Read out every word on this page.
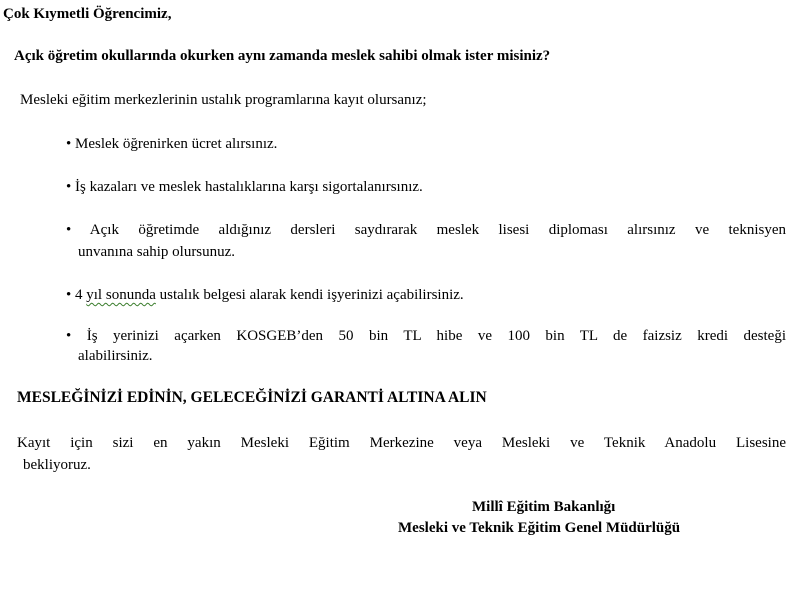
Çok Kıymetli Öğrencimiz,
Açık öğretim okullarında okurken aynı zamanda meslek sahibi olmak ister misiniz?
Mesleki eğitim merkezlerinin ustalık programlarına kayıt olursanız;
• Meslek öğrenirken ücret alırsınız.
• İş kazaları ve meslek hastalıklarına karşı sigortalanırsınız.
• Açık öğretimde aldığınız dersleri saydırarak meslek lisesi diploması alırsınız ve teknisyen
unvanına sahip olursunuz.
• 4 yıl sonunda ustalık belgesi alarak kendi işyerinizi açabilirsiniz.
• İş yerinizi açarken KOSGEB’den 50 bin TL hibe ve 100 bin TL de faizsiz kredi desteği
alabilirsiniz.
MESLEĞİNİZİ EDİNİN, GELECEĞİNİZİ GARANTİ ALTINA ALIN
Kayıt için sizi en yakın Mesleki Eğitim Merkezine veya Mesleki ve Teknik Anadolu Lisesine
bekliyoruz.
Millî Eğitim Bakanlığı
Mesleki ve Teknik Eğitim Genel Müdürlüğü
